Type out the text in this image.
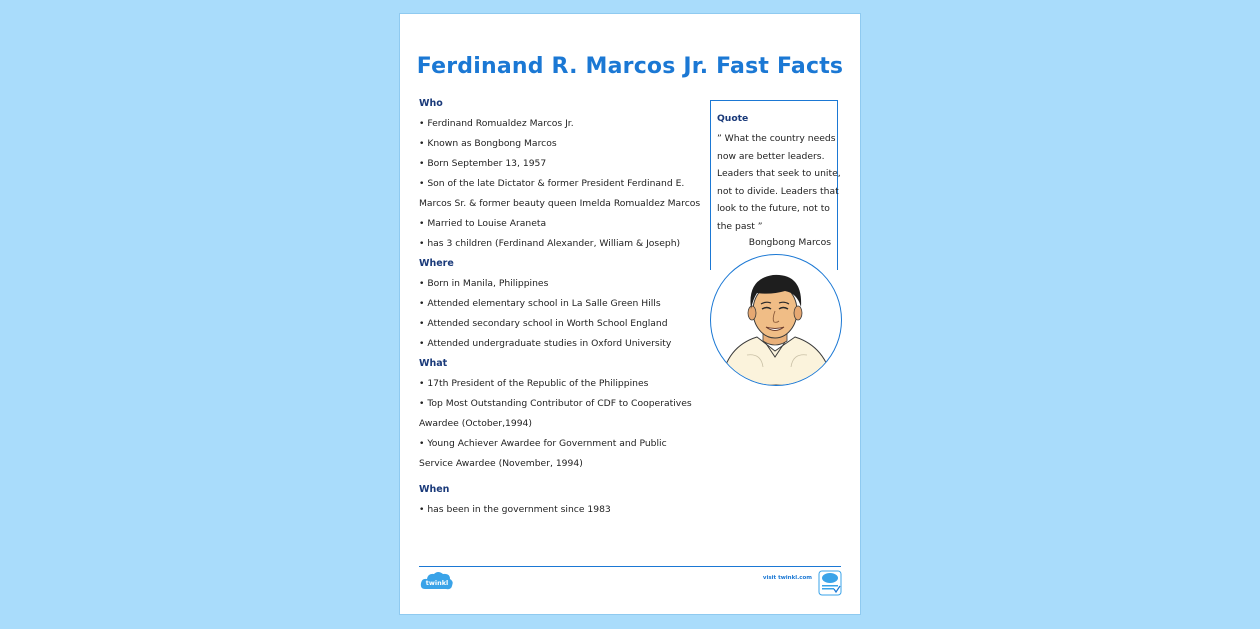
Ferdinand R. Marcos Jr. Fast Facts
Who
• Ferdinand Romualdez Marcos Jr.
• Known as Bongbong Marcos
• Born September 13, 1957
• Son of the late Dictator & former President Ferdinand E.
Marcos Sr. & former beauty queen Imelda Romualdez Marcos
• Married to Louise Araneta
• has 3 children (Ferdinand Alexander, William & Joseph)
Where
• Born in Manila, Philippines
• Attended elementary school in La Salle Green Hills
• Attended secondary school in Worth School England
• Attended undergraduate studies in Oxford University
What
• 17th President of the Republic of the Philippines
• Top Most Outstanding Contributor of CDF to Cooperatives
Awardee (October,1994)
• Young Achiever Awardee for Government and Public
Service Awardee (November, 1994)
When
• has been in the government since 1983
Quote
” What the country needs
now are better leaders.
Leaders that seek to unite,
not to divide. Leaders that
look to the future, not to
the past ”
Bongbong Marcos
twinkl
visit twinkl.com
